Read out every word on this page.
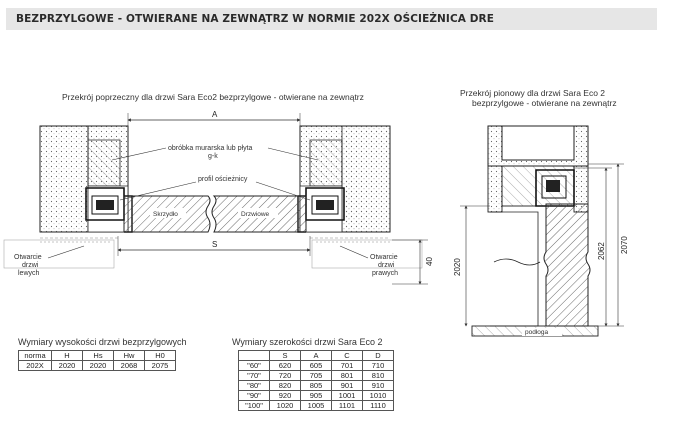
BEZPRZYLGOWE - OTWIERANE NA ZEWNĄTRZ W NORMIE 202X OŚCIEŻNICA DRE
Przekrój poprzeczny dla drzwi Sara Eco2 bezprzylgowe - otwierane na zewnątrz
A
Skrzydło	Drzwiowe
obróbka murarska lub płyta
g-k
profil ościeżnicy
S
Otwarcie
drzwi
lewych
Otwarcie
drzwi
prawych
40
Przekrój pionowy dla drzwi Sara Eco 2
bezprzylgowe - otwierane na zewnątrz
podłoga
2020
2062 2070
Wymiary wysokości drzwi bezprzylgowych
norma	H	Hs	Hw	H0
202X	2020	2020	2068	2075
Wymiary szerokości drzwi Sara Eco 2
	S	A	C	D
"60"	620	605	701	710
"70"	720	705	801	810
"80"	820	805	901	910
"90"	920	905	1001	1010
"100"	1020	1005	1101	1110
